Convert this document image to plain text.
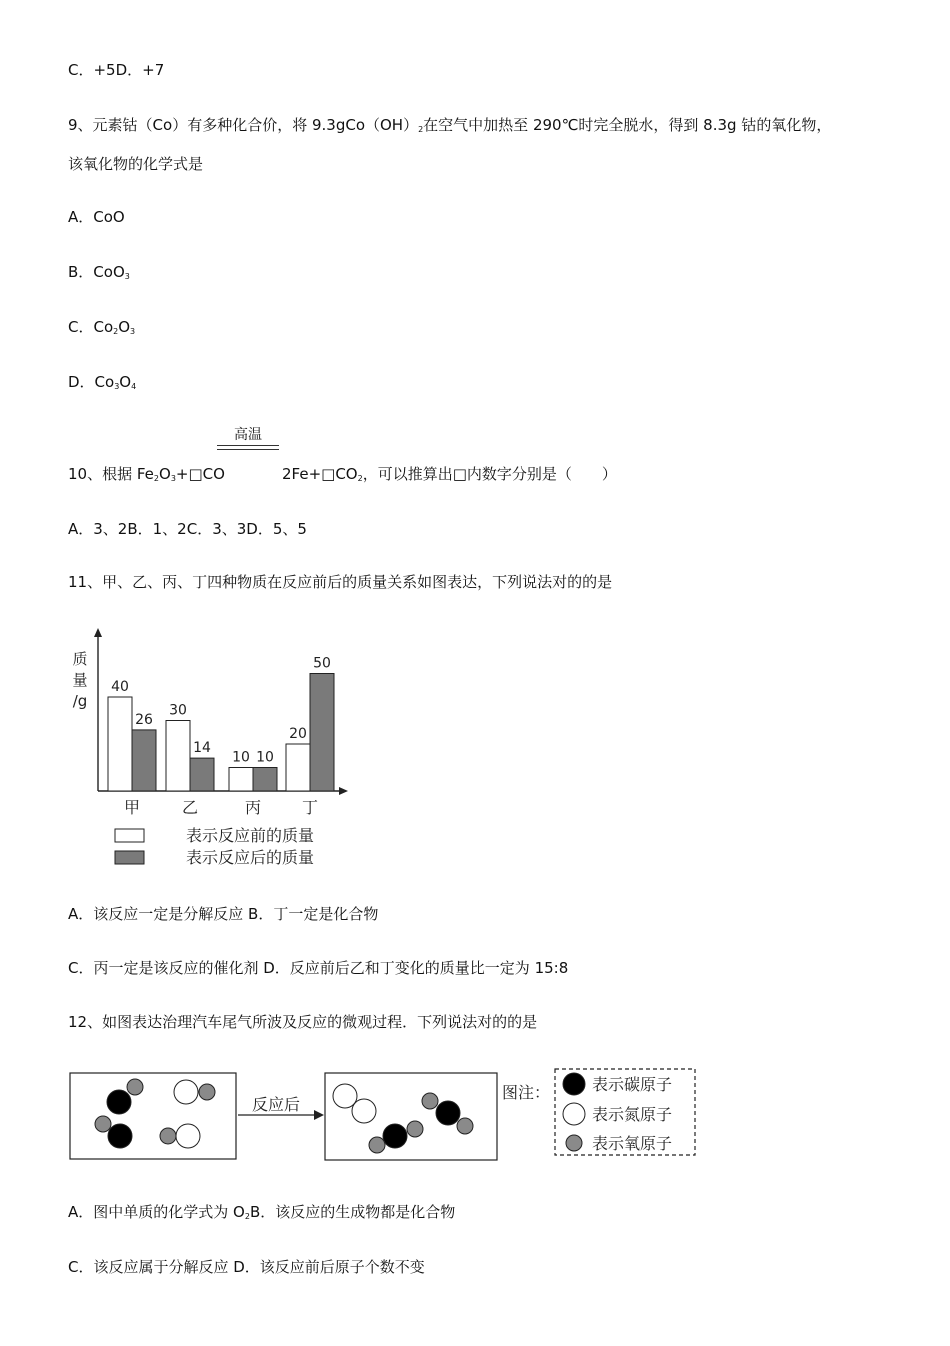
C．+5D．+7
9、元素钴（Co）有多种化合价，将 $9.3gCo(OH)_2$在空气中加热至 290℃时完全脱水，得到 8.3g 钴的氧化物，
该氧化物的化学式是
A．CoO
B．CoO$_3$
C．$Co_2O_3$
D．$Co_3O_4$
高温
10、根据 $Fe_2O_3+□CO$	$2Fe+□CO_2$，可以推算出□内数字分别是（　　）
A．3、2B．1、2C．3、3D．5、5
11、甲、乙、丙、丁四种物质在反应前后的质量关系如图表达，下列说法对的的是
质
量
/g
40
26
甲
30
14
乙
10 10
丙
20
50
丁
表示反应前的质量
表示反应后的质量
A．该反应一定是分解反应 B．丁一定是化合物
C．丙一定是该反应的催化剂 D．反应前后乙和丁变化的质量比一定为 15:8
12、如图表达治理汽车尾气所波及反应的微观过程．下列说法对的的是
反应后
图注：	表示碳原子
表示氮原子
表示氧原子
A．图中单质的化学式为 $O_2B$．该反应的生成物都是化合物
C．该反应属于分解反应 D．该反应前后原子个数不变
